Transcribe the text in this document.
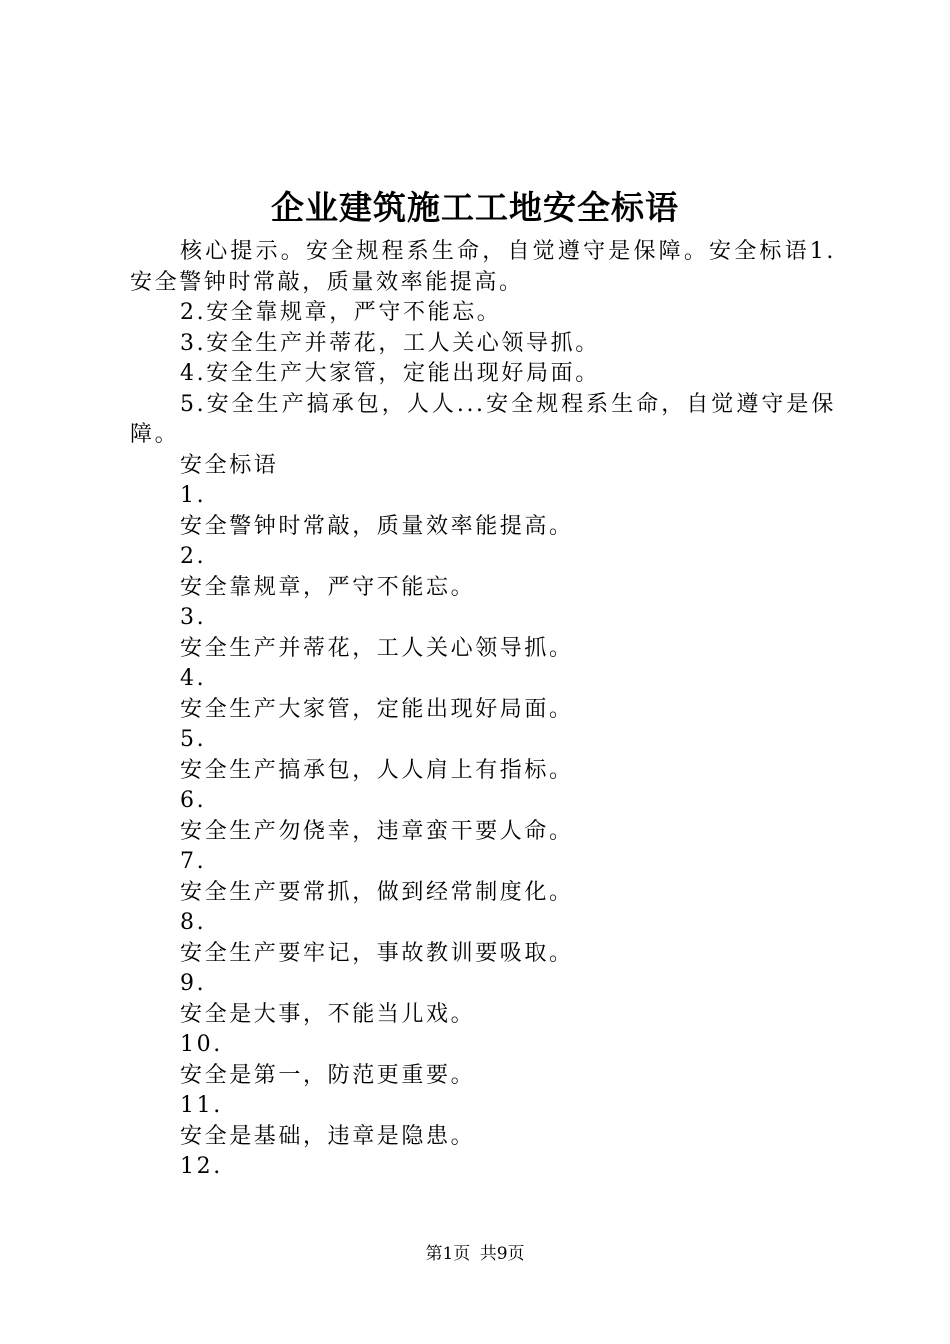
企业建筑施工工地安全标语

核心提示。安全规程系生命，自觉遵守是保障。安全标语1.安全警钟时常敲，质量效率能提高。

2.安全靠规章，严守不能忘。

3.安全生产并蒂花，工人关心领导抓。

4.安全生产大家管，定能出现好局面。

5.安全生产搞承包，人人...安全规程系生命，自觉遵守是保障。

安全标语

1.

安全警钟时常敲，质量效率能提高。

2.

安全靠规章，严守不能忘。

3.

安全生产并蒂花，工人关心领导抓。

4.

安全生产大家管，定能出现好局面。

5.

安全生产搞承包，人人肩上有指标。

6.

安全生产勿侥幸，违章蛮干要人命。

7.

安全生产要常抓，做到经常制度化。

8.

安全生产要牢记，事故教训要吸取。

9.

安全是大事，不能当儿戏。

10.

安全是第一，防范更重要。

11.

安全是基础，违章是隐患。

12.

第1页 共9页
